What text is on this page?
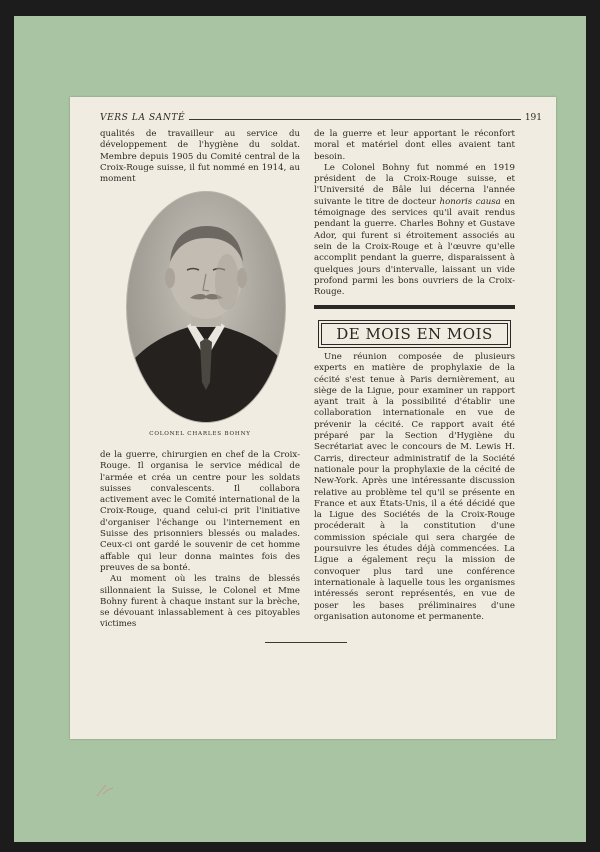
VERS LA SANTÉ	191

qualités de travailleur au service du développement de l'hygiène du soldat. Membre depuis 1905 du Comité central de la Croix-Rouge suisse, il fut nommé en 1914, au moment

COLONEL CHARLES BOHNY

de la guerre, chirurgien en chef de la Croix-Rouge. Il organisa le service médical de l'armée et créa un centre pour les soldats suisses convalescents. Il collabora activement avec le Comité international de la Croix-Rouge, quand celui-ci prit l'initiative d'organiser l'échange ou l'internement en Suisse des prisonniers blessés ou malades. Ceux-ci ont gardé le souvenir de cet homme affable qui leur donna maintes fois des preuves de sa bonté.

Au moment où les trains de blessés sillonnaient la Suisse, le Colonel et Mme Bohny furent à chaque instant sur la brèche, se dévouant inlassablement à ces pitoyables victimes

de la guerre et leur apportant le réconfort moral et matériel dont elles avaient tant besoin.

Le Colonel Bohny fut nommé en 1919 président de la Croix-Rouge suisse, et l'Université de Bâle lui décerna l'année suivante le titre de docteur honoris causa en témoignage des services qu'il avait rendus pendant la guerre. Charles Bohny et Gustave Ador, qui furent si étroitement associés au sein de la Croix-Rouge et à l'œuvre qu'elle accomplit pendant la guerre, disparaissent à quelques jours d'intervalle, laissant un vide profond parmi les bons ouvriers de la Croix-Rouge.

DE MOIS EN MOIS

Une réunion composée de plusieurs experts en matière de prophylaxie de la cécité s'est tenue à Paris dernièrement, au siège de la Ligue, pour examiner un rapport ayant trait à la possibilité d'établir une collaboration internationale en vue de prévenir la cécité. Ce rapport avait été préparé par la Section d'Hygiène du Secrétariat avec le concours de M. Lewis H. Carris, directeur administratif de la Société nationale pour la prophylaxie de la cécité de New-York. Après une intéressante discussion relative au problème tel qu'il se présente en France et aux États-Unis, il a été décidé que la Ligue des Sociétés de la Croix-Rouge procéderait à la constitution d'une commission spéciale qui sera chargée de poursuivre les études déjà commencées. La Ligue a également reçu la mission de convoquer plus tard une conférence internationale à laquelle tous les organismes intéressés seront représentés, en vue de poser les bases préliminaires d'une organisation autonome et permanente.
